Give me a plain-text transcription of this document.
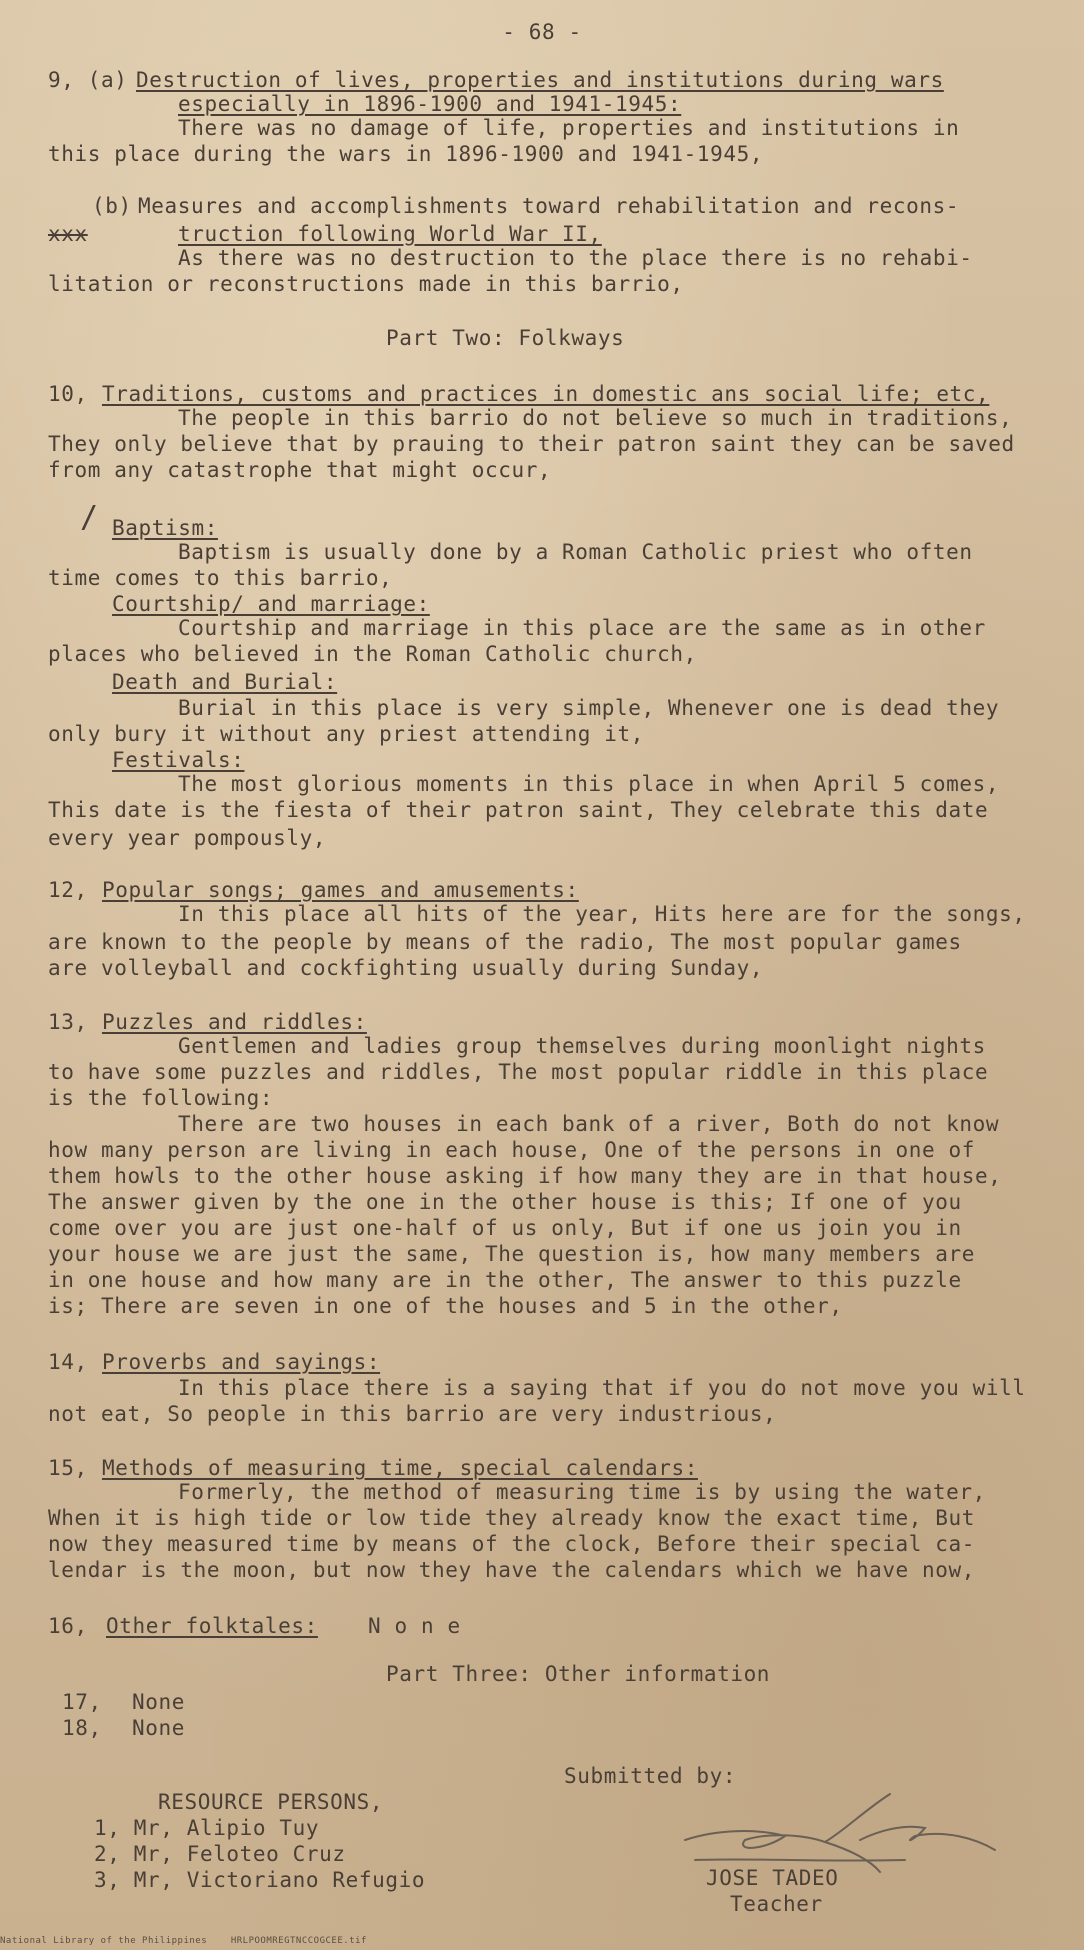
- 68 -
9, (a) Destruction of lives, properties and institutions during wars
especially in 1896-1900 and 1941-1945:
There was no damage of life, properties and institutions in
this place during the wars in 1896-1900 and 1941-1945,
(b) Measures and accomplishments toward rehabilitation and recons-
xxx	truction following World War II,
As there was no destruction to the place there is no rehabi-
litation or reconstructions made in this barrio,
Part Two: Folkways
10, Traditions, customs and practices in domestic ans social life; etc,
The people in this barrio do not believe so much in traditions,
They only believe that by prauing to their patron saint they can be saved
from any catastrophe that might occur,
/ Baptism:
Baptism is usually done by a Roman Catholic priest who often
time comes to this barrio,
Courtship/ and marriage:
Courtship and marriage in this place are the same as in other
places who believed in the Roman Catholic church,
Death and Burial:
Burial in this place is very simple, Whenever one is dead they
only bury it without any priest attending it,
Festivals:
The most glorious moments in this place in when April 5 comes,
This date is the fiesta of their patron saint, They celebrate this date
every year pompously,
12, Popular songs; games and amusements:
In this place all hits of the year, Hits here are for the songs,
are known to the people by means of the radio, The most popular games
are volleyball and cockfighting usually during Sunday,
13, Puzzles and riddles:
Gentlemen and ladies group themselves during moonlight nights
to have some puzzles and riddles, The most popular riddle in this place
is the following:
There are two houses in each bank of a river, Both do not know
how many person are living in each house, One of the persons in one of
them howls to the other house asking if how many they are in that house,
The answer given by the one in the other house is this; If one of you
come over you are just one-half of us only, But if one us join you in
your house we are just the same, The question is, how many members are
in one house and how many are in the other, The answer to this puzzle
is; There are seven in one of the houses and 5 in the other,
14, Proverbs and sayings:
In this place there is a saying that if you do not move you will
not eat, So people in this barrio are very industrious,
15, Methods of measuring time, special calendars:
Formerly, the method of measuring time is by using the water,
When it is high tide or low tide they already know the exact time, But
now they measured time by means of the clock, Before their special ca-
lendar is the moon, but now they have the calendars which we have now,
16, Other folktales: N o n e
Part Three: Other information
17, None
18, None
Submitted by:
RESOURCE PERSONS,
1, Mr, Alipio Tuy
2, Mr, Feloteo Cruz
3, Mr, Victoriano Refugio	JOSE TADEO
Teacher
National Library of the Philippines    HRLPOOMREGTNCCOGCEE.tif
